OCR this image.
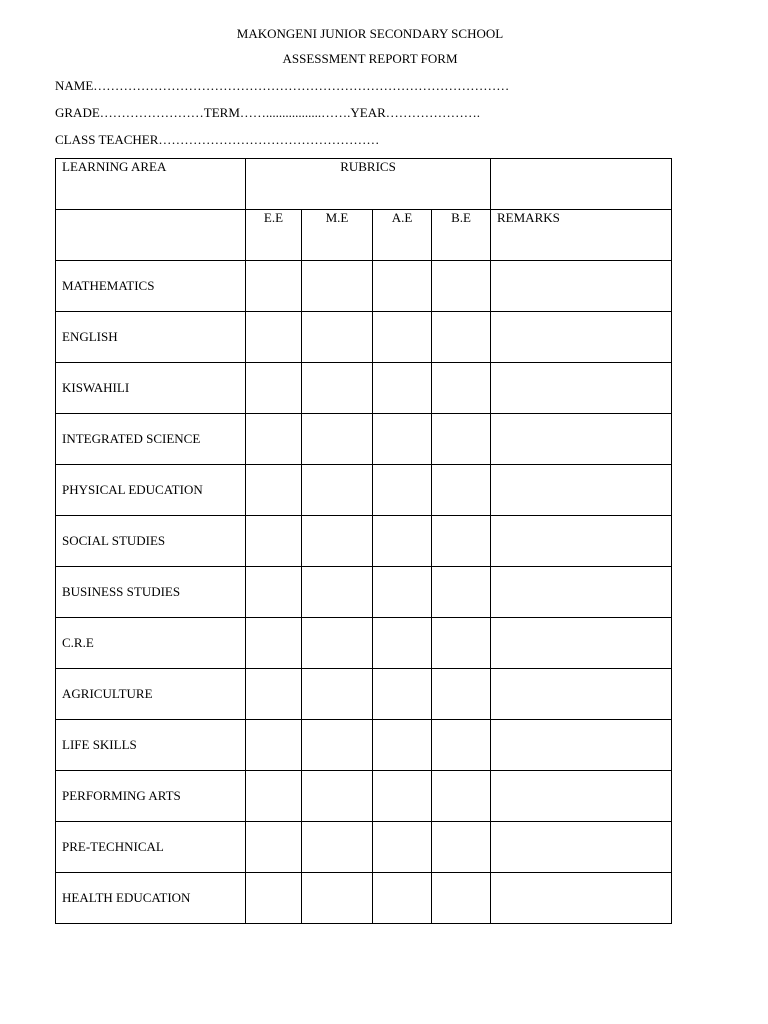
MAKONGENI JUNIOR SECONDARY SCHOOL
ASSESSMENT REPORT FORM
NAME……………………………………………………………………………………
GRADE……………………TERM…….................…….YEAR………………….
CLASS TEACHER……………………………………………
LEARNING AREA	RUBRICS				

	E.E	M.E	A.E	B.E	REMARKS

MATHEMATICS					
ENGLISH					
KISWAHILI					
INTEGRATED SCIENCE					
PHYSICAL EDUCATION					
SOCIAL STUDIES					
BUSINESS STUDIES					
C.R.E					
AGRICULTURE					
LIFE SKILLS					
PERFORMING ARTS					
PRE-TECHNICAL					
HEALTH EDUCATION					
